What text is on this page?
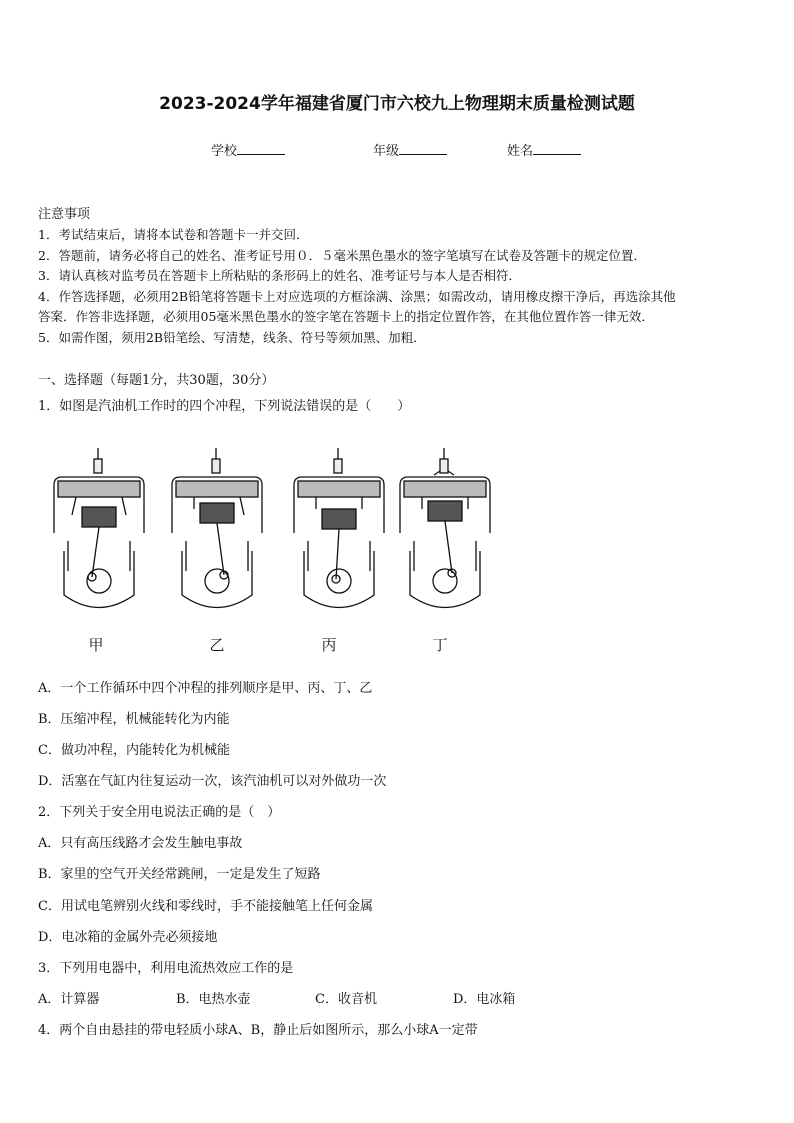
2023-2024学年福建省厦门市六校九上物理期末质量检测试题
学校	年级	姓名
注意事项
1．考试结束后，请将本试卷和答题卡一并交回．
2．答题前，请务必将自己的姓名、准考证号用０．５毫米黑色墨水的签字笔填写在试卷及答题卡的规定位置．
3．请认真核对监考员在答题卡上所粘贴的条形码上的姓名、准考证号与本人是否相符．
4．作答选择题，必须用2B铅笔将答题卡上对应选项的方框涂满、涂黑；如需改动，请用橡皮擦干净后，再选涂其他
答案．作答非选择题，必须用05毫米黑色墨水的签字笔在答题卡上的指定位置作答，在其他位置作答一律无效．
5．如需作图，须用2B铅笔绘、写清楚，线条、符号等须加黑、加粗．
一、选择题（每题1分，共30题，30分）
1．如图是汽油机工作时的四个冲程，下列说法错误的是（　　）
甲	乙	丙	丁
A．一个工作循环中四个冲程的排列顺序是甲、丙、丁、乙
B．压缩冲程，机械能转化为内能
C．做功冲程，内能转化为机械能
D．活塞在气缸内往复运动一次，该汽油机可以对外做功一次
2．下列关于安全用电说法正确的是（　）
A．只有高压线路才会发生触电事故
B．家里的空气开关经常跳闸，一定是发生了短路
C．用试电笔辨别火线和零线时，手不能接触笔上任何金属
D．电冰箱的金属外壳必须接地
3．下列用电器中，利用电流热效应工作的是
A．计算器	B．电热水壶	C．收音机	D．电冰箱
4．两个自由悬挂的带电轻质小球A、B，静止后如图所示，那么小球A一定带
